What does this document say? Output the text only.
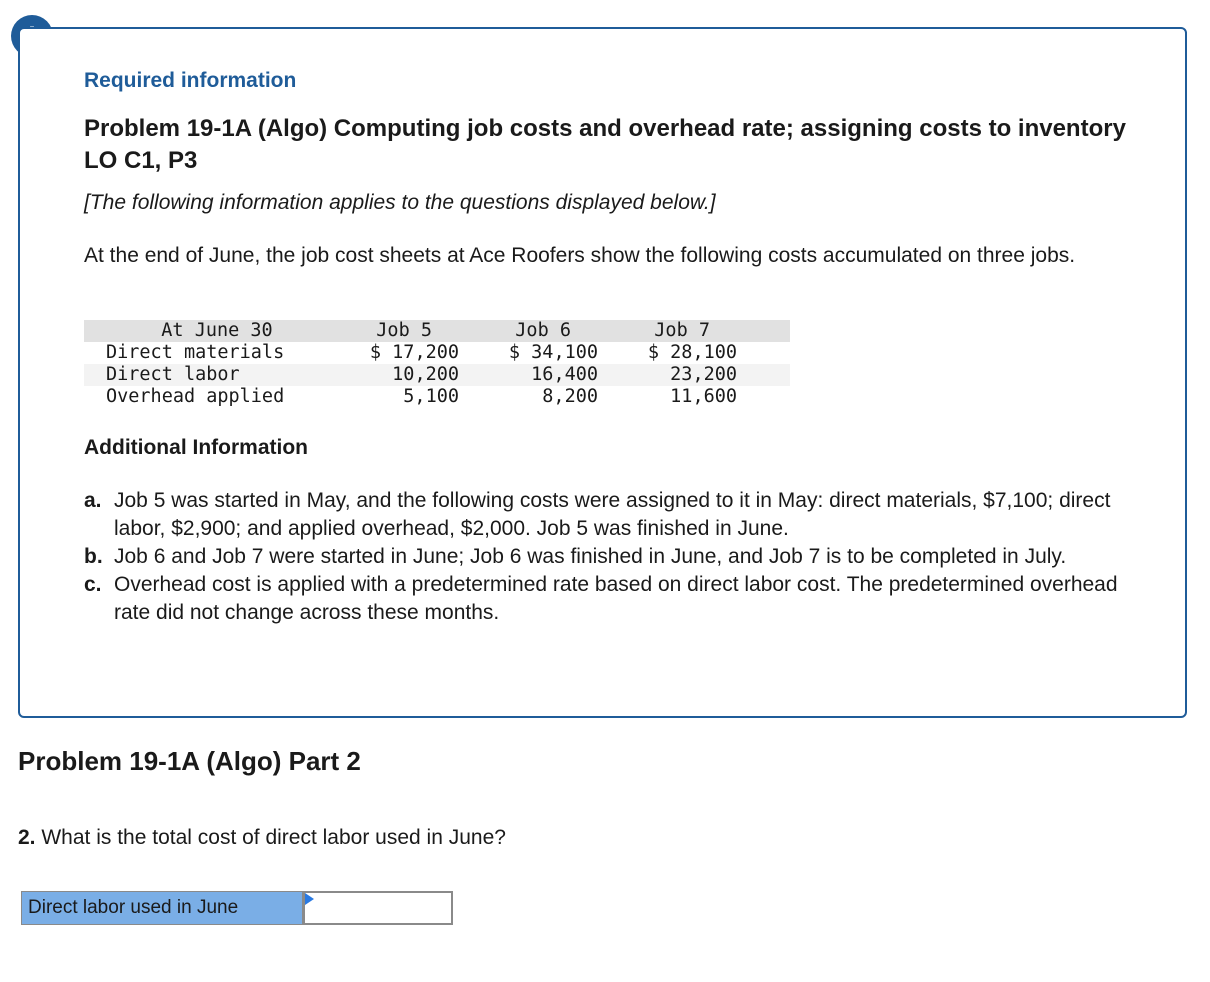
Required information
Problem 19-1A (Algo) Computing job costs and overhead rate; assigning costs to inventory LO C1, P3
[The following information applies to the questions displayed below.]
At the end of June, the job cost sheets at Ace Roofers show the following costs accumulated on three jobs.
At June 30	Job 5	Job 6	Job 7
Direct materials	$ 17,200	$ 34,100	$ 28,100
Direct labor	10,200	16,400	23,200
Overhead applied	5,100	8,200	11,600
Additional Information
a. Job 5 was started in May, and the following costs were assigned to it in May: direct materials, $7,100; direct labor, $2,900; and applied overhead, $2,000. Job 5 was finished in June.
b. Job 6 and Job 7 were started in June; Job 6 was finished in June, and Job 7 is to be completed in July.
c. Overhead cost is applied with a predetermined rate based on direct labor cost. The predetermined overhead rate did not change across these months.
Problem 19-1A (Algo) Part 2
2. What is the total cost of direct labor used in June?
Direct labor used in June
